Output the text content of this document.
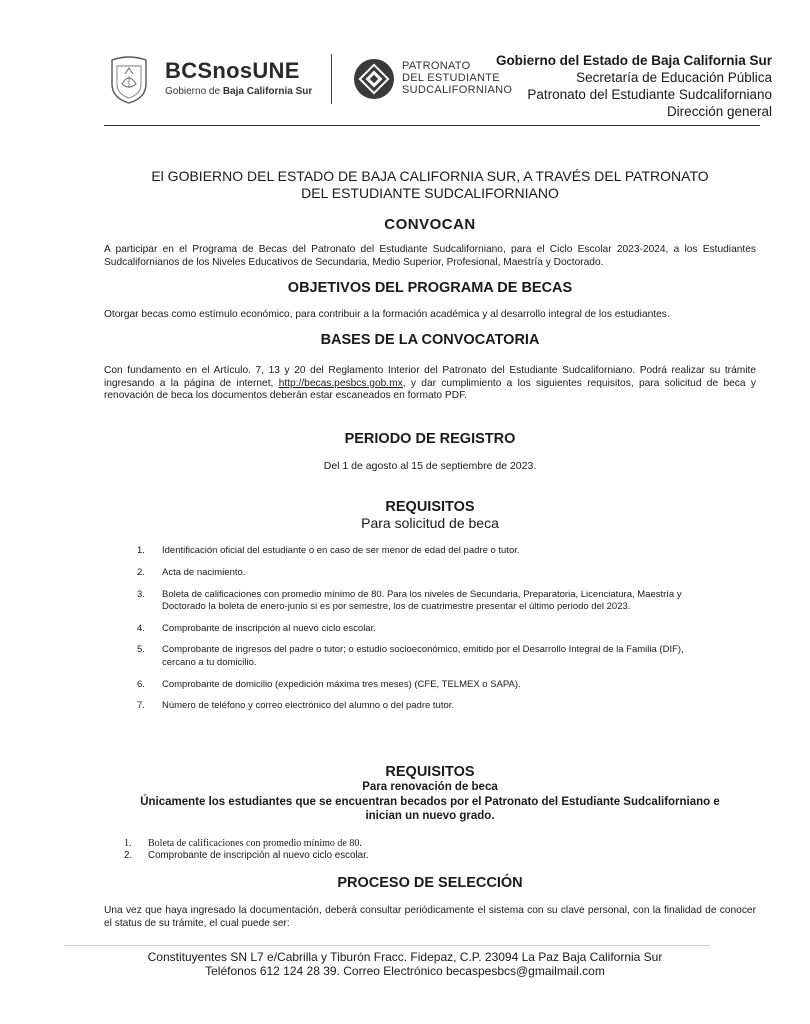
BCSnosUNE
Gobierno de Baja California Sur
PATRONATO
DEL ESTUDIANTE
SUDCALIFORNIANO
Gobierno del Estado de Baja California Sur
Secretaría de Educación Pública
Patronato del Estudiante Sudcaliforniano
Dirección general
El GOBIERNO DEL ESTADO DE BAJA CALIFORNIA SUR, A TRAVÉS DEL PATRONATO
DEL ESTUDIANTE SUDCALIFORNIANO
CONVOCAN
A participar en el Programa de Becas del Patronato del Estudiante Sudcaliforniano, para el Ciclo Escolar 2023-2024, a los Estudiantes Sudcalifornianos de los Niveles Educativos de Secundaria, Medio Superior, Profesional, Maestría y Doctorado.
OBJETIVOS DEL PROGRAMA DE BECAS
Otorgar becas como estímulo económico, para contribuir a la formación académica y al desarrollo integral de los estudiantes.
BASES DE LA CONVOCATORIA
Con fundamento en el Artículo. 7, 13 y 20 del Reglamento Interior del Patronato del Estudiante Sudcaliforniano. Podrá realizar su trámite ingresando a la página de internet, http://becas.pesbcs.gob.mx, y dar cumplimiento a los siguientes requisitos, para solicitud de beca y renovación de beca los documentos deberán estar escaneados en formato PDF.
PERIODO DE REGISTRO
Del 1 de agosto al 15 de septiembre de 2023.
REQUISITOS
Para solicitud de beca
1. Identificación oficial del estudiante o en caso de ser menor de edad del padre o tutor.
2. Acta de nacimiento.
3. Boleta de calificaciones con promedio mínimo de 80. Para los niveles de Secundaria, Preparatoria, Licenciatura, Maestría y Doctorado la boleta de enero-junio si es por semestre, los de cuatrimestre presentar el último periodo del 2023.
4. Comprobante de inscripción al nuevo ciclo escolar.
5. Comprobante de ingresos del padre o tutor; o estudio socioeconómico, emitido por el Desarrollo Integral de la Familia (DIF), cercano a tu domicilio.
6. Comprobante de domicilio (expedición máxima tres meses) (CFE, TELMEX o SAPA).
7. Número de teléfono y correo electrónico del alumno o del padre tutor.
REQUISITOS
Para renovación de beca
Únicamente los estudiantes que se encuentran becados por el Patronato del Estudiante Sudcaliforniano e
inician un nuevo grado.
1. Boleta de calificaciones con promedio mínimo de 80.
2. Comprobante de inscripción al nuevo ciclo escolar.
PROCESO DE SELECCIÓN
Una vez que haya ingresado la documentación, deberá consultar periódicamente el sistema con su clave personal, con la finalidad de conocer el status de su trámite, el cual puede ser:
Constituyentes SN L7 e/Cabrilla y Tiburón Fracc. Fidepaz, C.P. 23094 La Paz Baja California Sur
Teléfonos 612 124 28 39. Correo Electrónico becaspesbcs@gmailmail.com
